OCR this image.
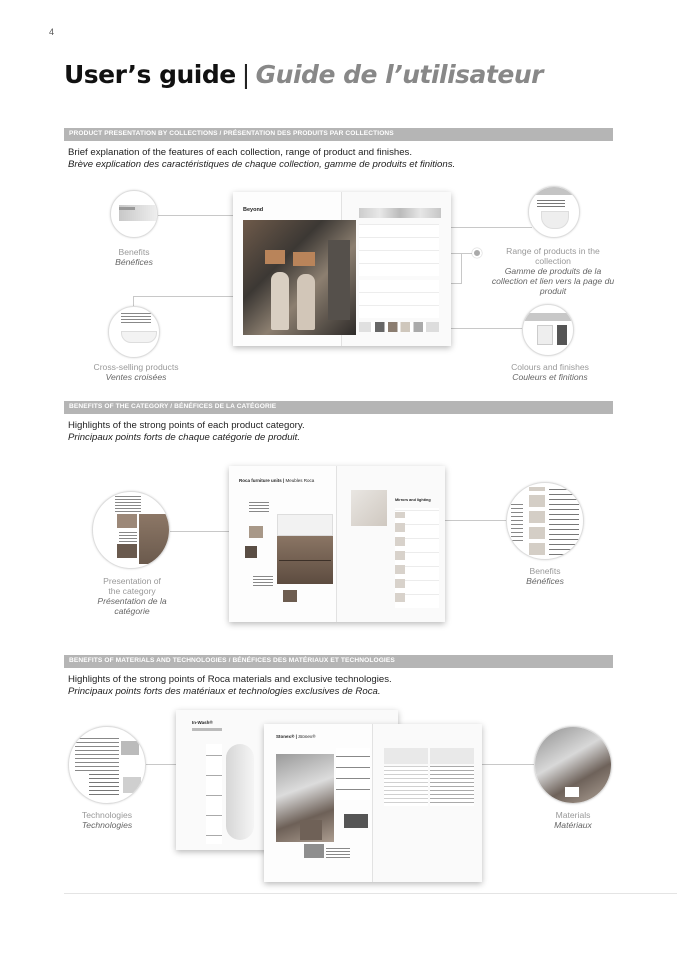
4
User’s guide | Guide de l’utilisateur
PRODUCT PRESENTATION BY COLLECTIONS / PRÉSENTATION DES PRODUITS PAR COLLECTIONS
Brief explanation of the features of each collection, range of product and finishes.
Brève explication des caractéristiques de chaque collection, gamme de produits et finitions.
Beyond
Benefits
Bénéfices
Cross-selling products
Ventes croisées
Range of products in the collection
Gamme de produits de la collection et lien vers la page du produit
Colours and finishes
Couleurs et finitions
BENEFITS OF THE CATEGORY / BÉNÉFICES DE LA CATÉGORIE
Highlights of the strong points of each product category.
Principaux points forts de chaque catégorie de produit.
Roca furniture units | Meubles Roca
Mirrors and lighting
Presentation of the category
Présentation de la catégorie
Benefits
Bénéfices
BENEFITS OF MATERIALS AND TECHNOLOGIES / BÉNÉFICES DES MATÉRIAUX ET TECHNOLOGIES
Highlights of the strong points of Roca materials and exclusive technologies.
Principaux points forts des matériaux et technologies exclusives de Roca.
In-Wash®
Stonex® | Stonex®
Technologies
Technologies
Materials
Matériaux
